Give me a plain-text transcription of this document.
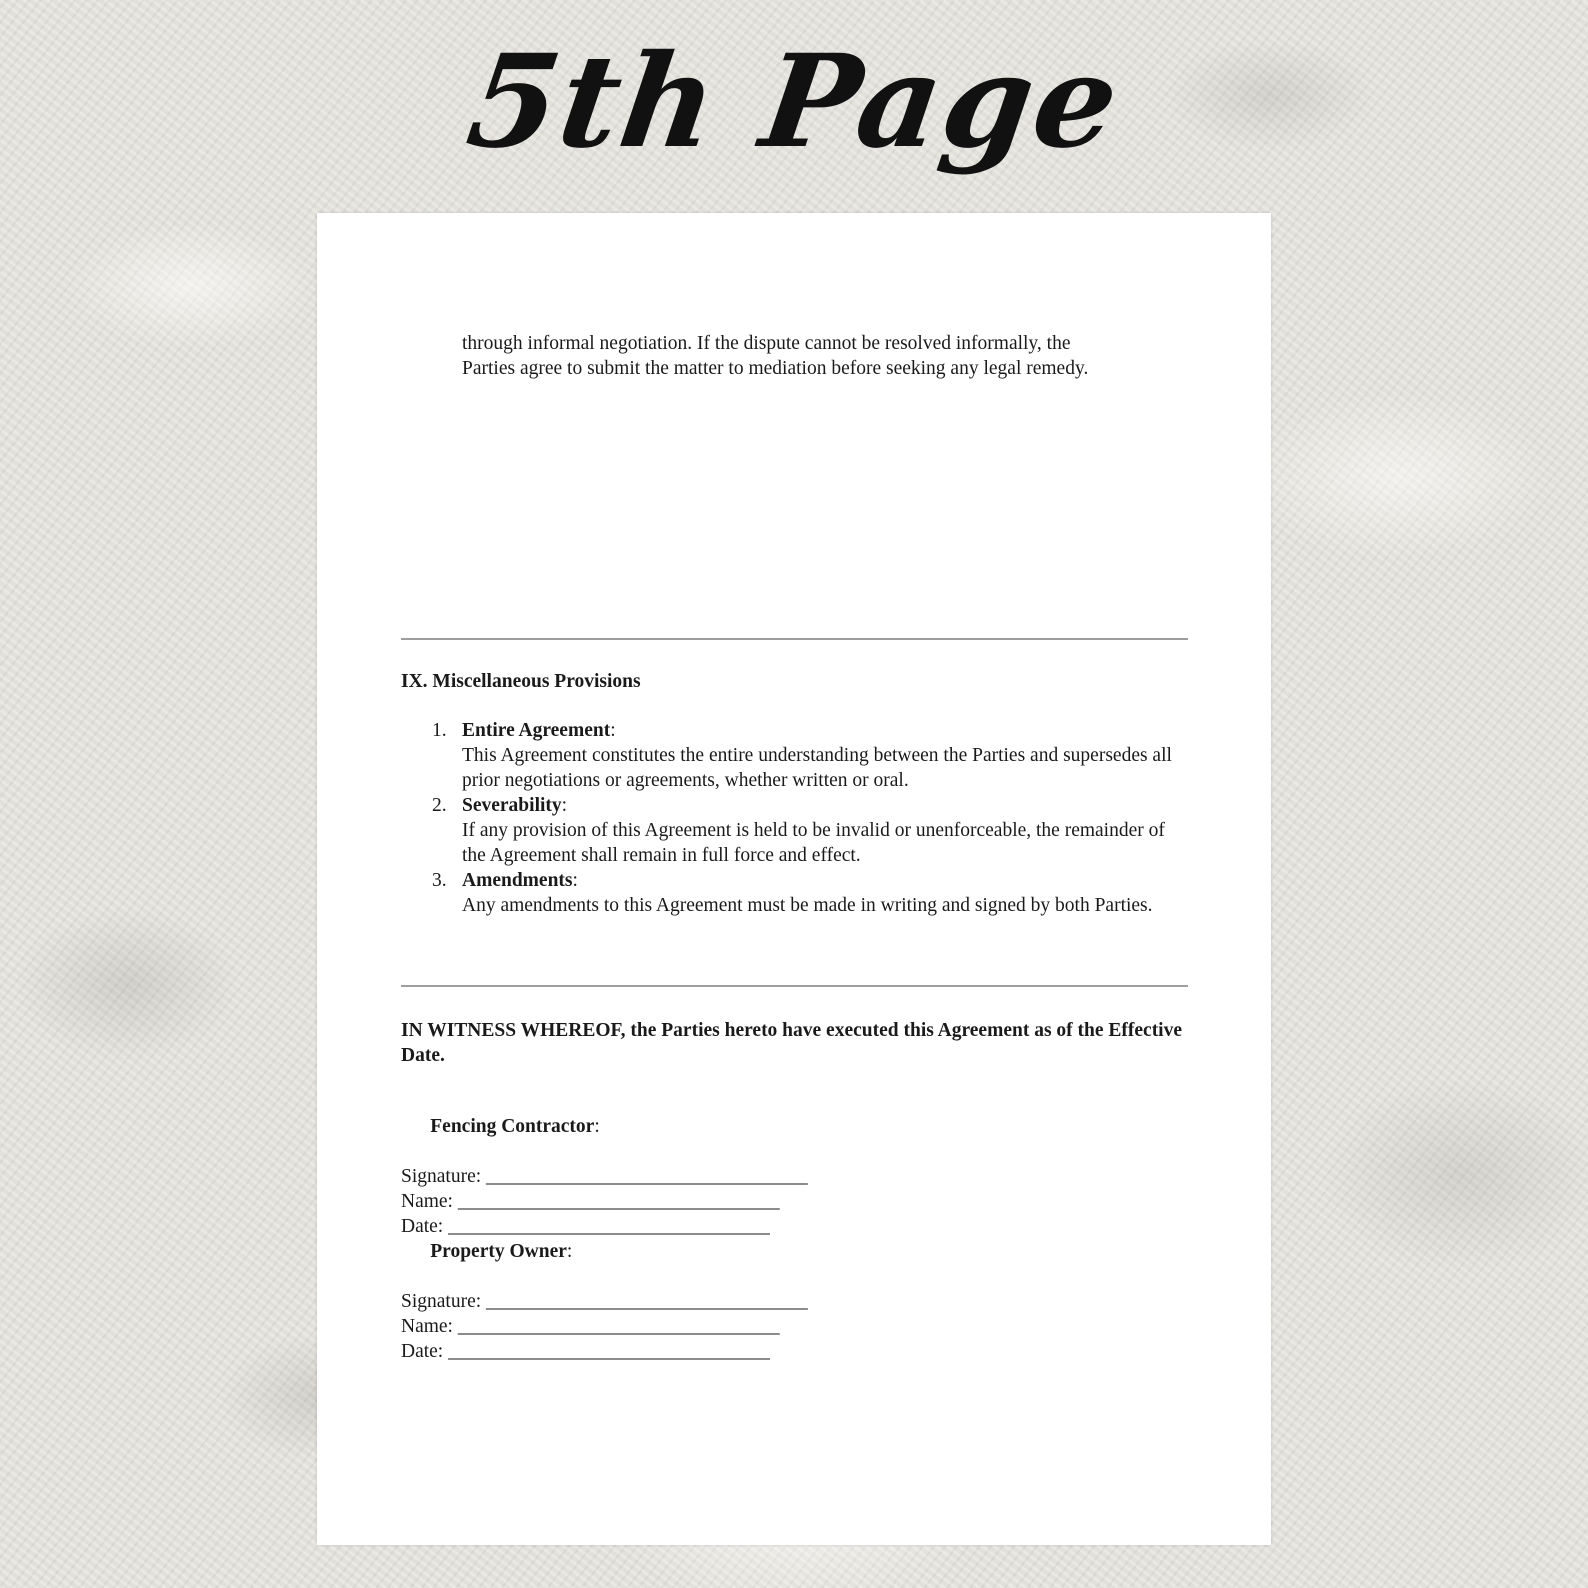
5th Page

through informal negotiation. If the dispute cannot be resolved informally, the

Parties agree to submit the matter to mediation before seeking any legal remedy.

IX. Miscellaneous Provisions

1. Entire Agreement:
This Agreement constitutes the entire understanding between the Parties and supersedes all prior negotiations or agreements, whether written or oral.
2. Severability:
If any provision of this Agreement is held to be invalid or unenforceable, the remainder of the Agreement shall remain in full force and effect.
3. Amendments:
Any amendments to this Agreement must be made in writing and signed by both Parties.

IN WITNESS WHEREOF, the Parties hereto have executed this Agreement as of the Effective Date.

Fencing Contractor:

Signature: _________________________________
Name: _________________________________
Date: _________________________________

Property Owner:

Signature: _________________________________
Name: _________________________________
Date: _________________________________
